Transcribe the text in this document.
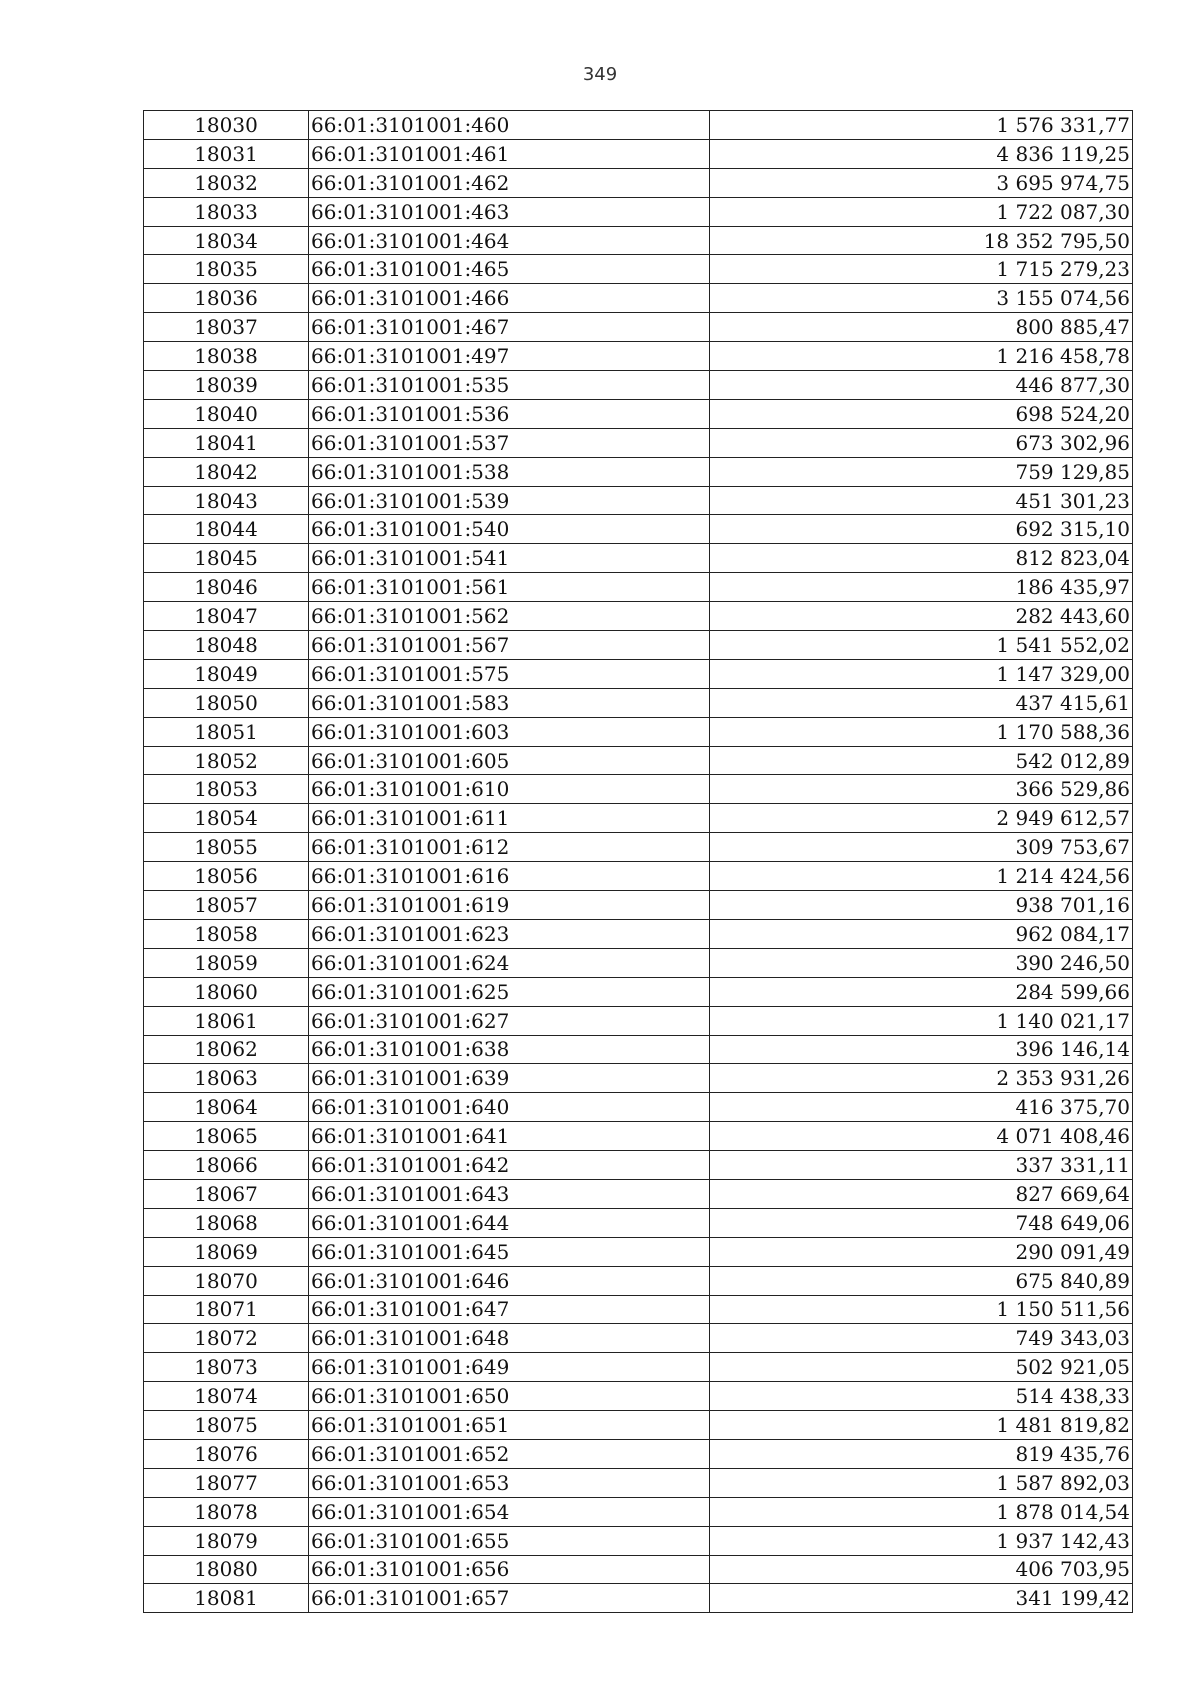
349
18030	66:01:3101001:460	1 576 331,77
18031	66:01:3101001:461	4 836 119,25
18032	66:01:3101001:462	3 695 974,75
18033	66:01:3101001:463	1 722 087,30
18034	66:01:3101001:464	18 352 795,50
18035	66:01:3101001:465	1 715 279,23
18036	66:01:3101001:466	3 155 074,56
18037	66:01:3101001:467	800 885,47
18038	66:01:3101001:497	1 216 458,78
18039	66:01:3101001:535	446 877,30
18040	66:01:3101001:536	698 524,20
18041	66:01:3101001:537	673 302,96
18042	66:01:3101001:538	759 129,85
18043	66:01:3101001:539	451 301,23
18044	66:01:3101001:540	692 315,10
18045	66:01:3101001:541	812 823,04
18046	66:01:3101001:561	186 435,97
18047	66:01:3101001:562	282 443,60
18048	66:01:3101001:567	1 541 552,02
18049	66:01:3101001:575	1 147 329,00
18050	66:01:3101001:583	437 415,61
18051	66:01:3101001:603	1 170 588,36
18052	66:01:3101001:605	542 012,89
18053	66:01:3101001:610	366 529,86
18054	66:01:3101001:611	2 949 612,57
18055	66:01:3101001:612	309 753,67
18056	66:01:3101001:616	1 214 424,56
18057	66:01:3101001:619	938 701,16
18058	66:01:3101001:623	962 084,17
18059	66:01:3101001:624	390 246,50
18060	66:01:3101001:625	284 599,66
18061	66:01:3101001:627	1 140 021,17
18062	66:01:3101001:638	396 146,14
18063	66:01:3101001:639	2 353 931,26
18064	66:01:3101001:640	416 375,70
18065	66:01:3101001:641	4 071 408,46
18066	66:01:3101001:642	337 331,11
18067	66:01:3101001:643	827 669,64
18068	66:01:3101001:644	748 649,06
18069	66:01:3101001:645	290 091,49
18070	66:01:3101001:646	675 840,89
18071	66:01:3101001:647	1 150 511,56
18072	66:01:3101001:648	749 343,03
18073	66:01:3101001:649	502 921,05
18074	66:01:3101001:650	514 438,33
18075	66:01:3101001:651	1 481 819,82
18076	66:01:3101001:652	819 435,76
18077	66:01:3101001:653	1 587 892,03
18078	66:01:3101001:654	1 878 014,54
18079	66:01:3101001:655	1 937 142,43
18080	66:01:3101001:656	406 703,95
18081	66:01:3101001:657	341 199,42
